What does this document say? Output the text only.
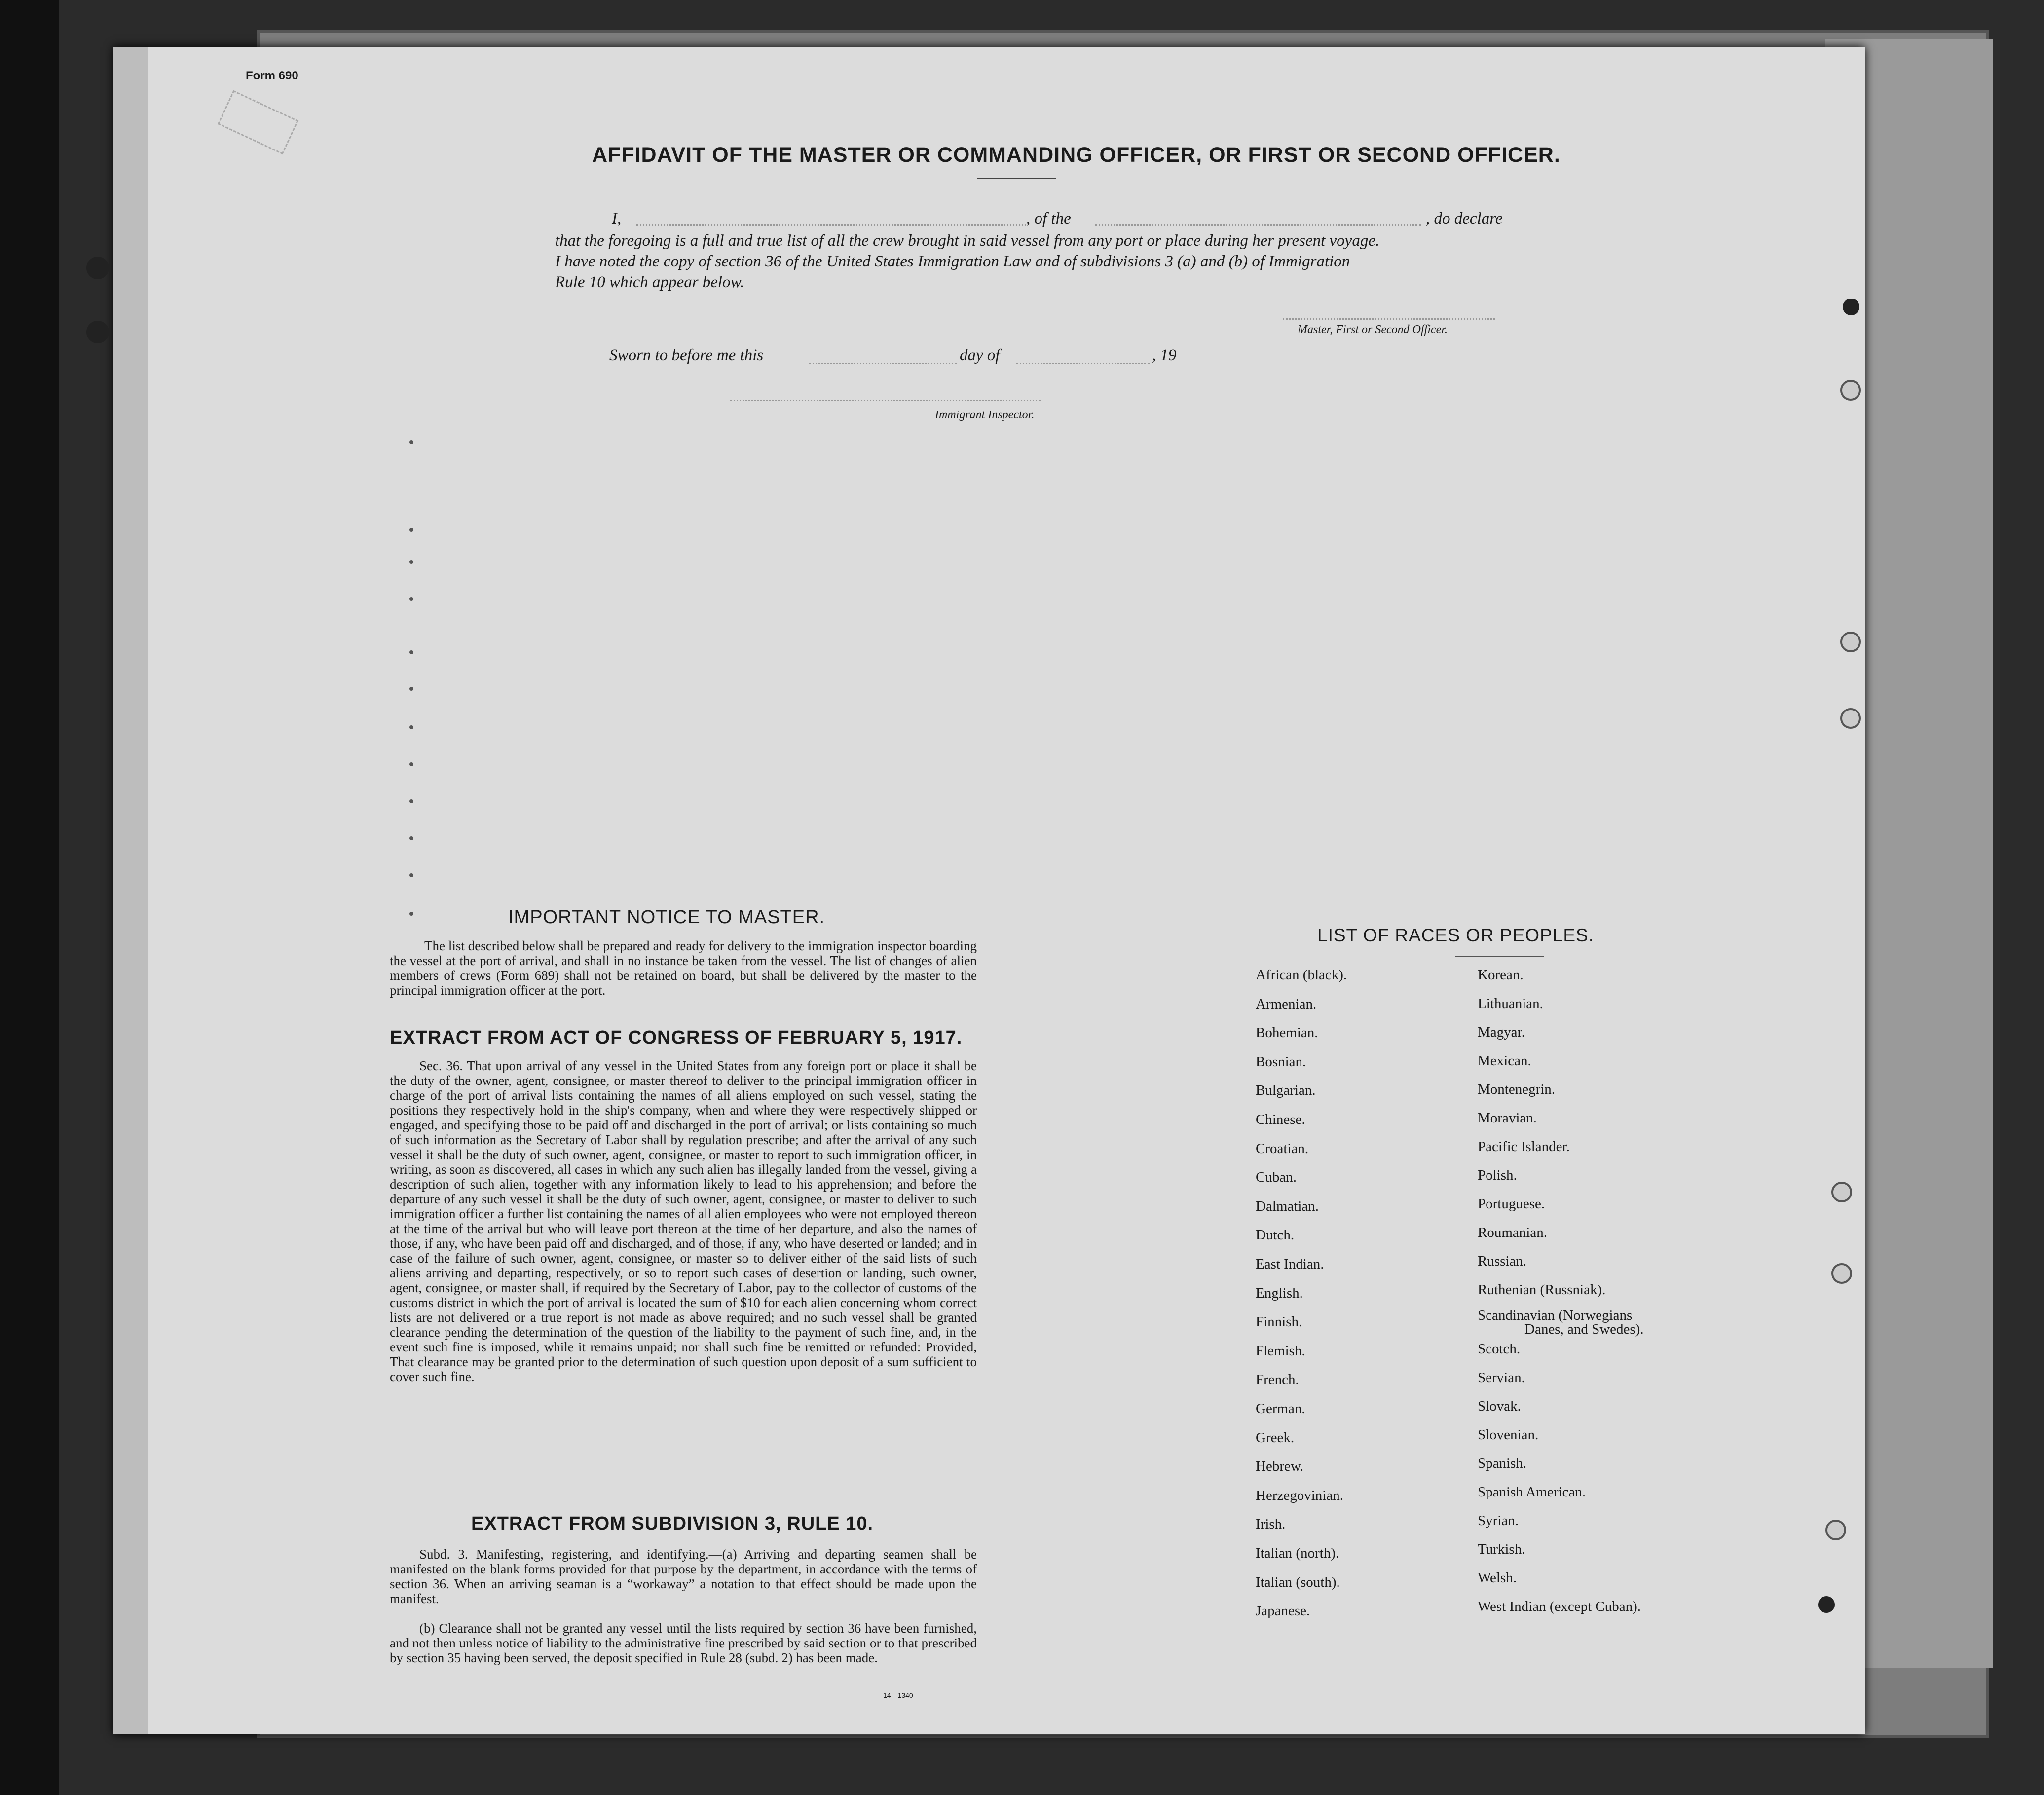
Form 690
AFFIDAVIT OF THE MASTER OR COMMANDING OFFICER, OR FIRST OR SECOND OFFICER.
I,	, of the	, do declare
that the foregoing is a full and true list of all the crew brought in said vessel from any port or place during her present voyage.
I have noted the copy of section 36 of the United States Immigration Law and of subdivisions 3 (a) and (b) of Immigration
Rule 10 which appear below.
Master, First or Second Officer.
Sworn to before me this	day of	, 19
Immigrant Inspector.
IMPORTANT NOTICE TO MASTER.
The list described below shall be prepared and ready for delivery to the immigration inspector boarding the vessel at the port of arrival, and shall in no instance be taken from the vessel. The list of changes of alien members of crews (Form 689) shall not be retained on board, but shall be delivered by the master to the principal immigration officer at the port.
EXTRACT FROM ACT OF CONGRESS OF FEBRUARY 5, 1917.
Sec. 36. That upon arrival of any vessel in the United States from any foreign port or place it shall be the duty of the owner, agent, consignee, or master thereof to deliver to the principal immigration officer in charge of the port of arrival lists containing the names of all aliens employed on such vessel, stating the positions they respectively hold in the ship's company, when and where they were respectively shipped or engaged, and specifying those to be paid off and discharged in the port of arrival; or lists containing so much of such information as the Secretary of Labor shall by regulation prescribe; and after the arrival of any such vessel it shall be the duty of such owner, agent, consignee, or master to report to such immigration officer, in writing, as soon as discovered, all cases in which any such alien has illegally landed from the vessel, giving a description of such alien, together with any information likely to lead to his apprehension; and before the departure of any such vessel it shall be the duty of such owner, agent, consignee, or master to deliver to such immigration officer a further list containing the names of all alien employees who were not employed thereon at the time of the arrival but who will leave port thereon at the time of her departure, and also the names of those, if any, who have been paid off and discharged, and of those, if any, who have deserted or landed; and in case of the failure of such owner, agent, consignee, or master so to deliver either of the said lists of such aliens arriving and departing, respectively, or so to report such cases of desertion or landing, such owner, agent, consignee, or master shall, if required by the Secretary of Labor, pay to the collector of customs of the customs district in which the port of arrival is located the sum of $10 for each alien concerning whom correct lists are not delivered or a true report is not made as above required; and no such vessel shall be granted clearance pending the determination of the question of the liability to the payment of such fine, and, in the event such fine is imposed, while it remains unpaid; nor shall such fine be remitted or refunded: Provided, That clearance may be granted prior to the determination of such question upon deposit of a sum sufficient to cover such fine.
EXTRACT FROM SUBDIVISION 3, RULE 10.
Subd. 3. Manifesting, registering, and identifying.—(a) Arriving and departing seamen shall be manifested on the blank forms provided for that purpose by the department, in accordance with the terms of section 36. When an arriving seaman is a “workaway” a notation to that effect should be made upon the manifest.
(b) Clearance shall not be granted any vessel until the lists required by section 36 have been furnished, and not then unless notice of liability to the administrative fine prescribed by said section or to that prescribed by section 35 having been served, the deposit specified in Rule 28 (subd. 2) has been made.
14—1340
LIST OF RACES OR PEOPLES.
African (black).
Armenian.
Bohemian.
Bosnian.
Bulgarian.
Chinese.
Croatian.
Cuban.
Dalmatian.
Dutch.
East Indian.
English.
Finnish.
Flemish.
French.
German.
Greek.
Hebrew.
Herzegovinian.
Irish.
Italian (north).
Italian (south).
Japanese.
Korean.
Lithuanian.
Magyar.
Mexican.
Montenegrin.
Moravian.
Pacific Islander.
Polish.
Portuguese.
Roumanian.
Russian.
Ruthenian (Russniak).
Scandinavian (Norwegians
Danes, and Swedes).
Scotch.
Servian.
Slovak.
Slovenian.
Spanish.
Spanish American.
Syrian.
Turkish.
Welsh.
West Indian (except Cuban).
